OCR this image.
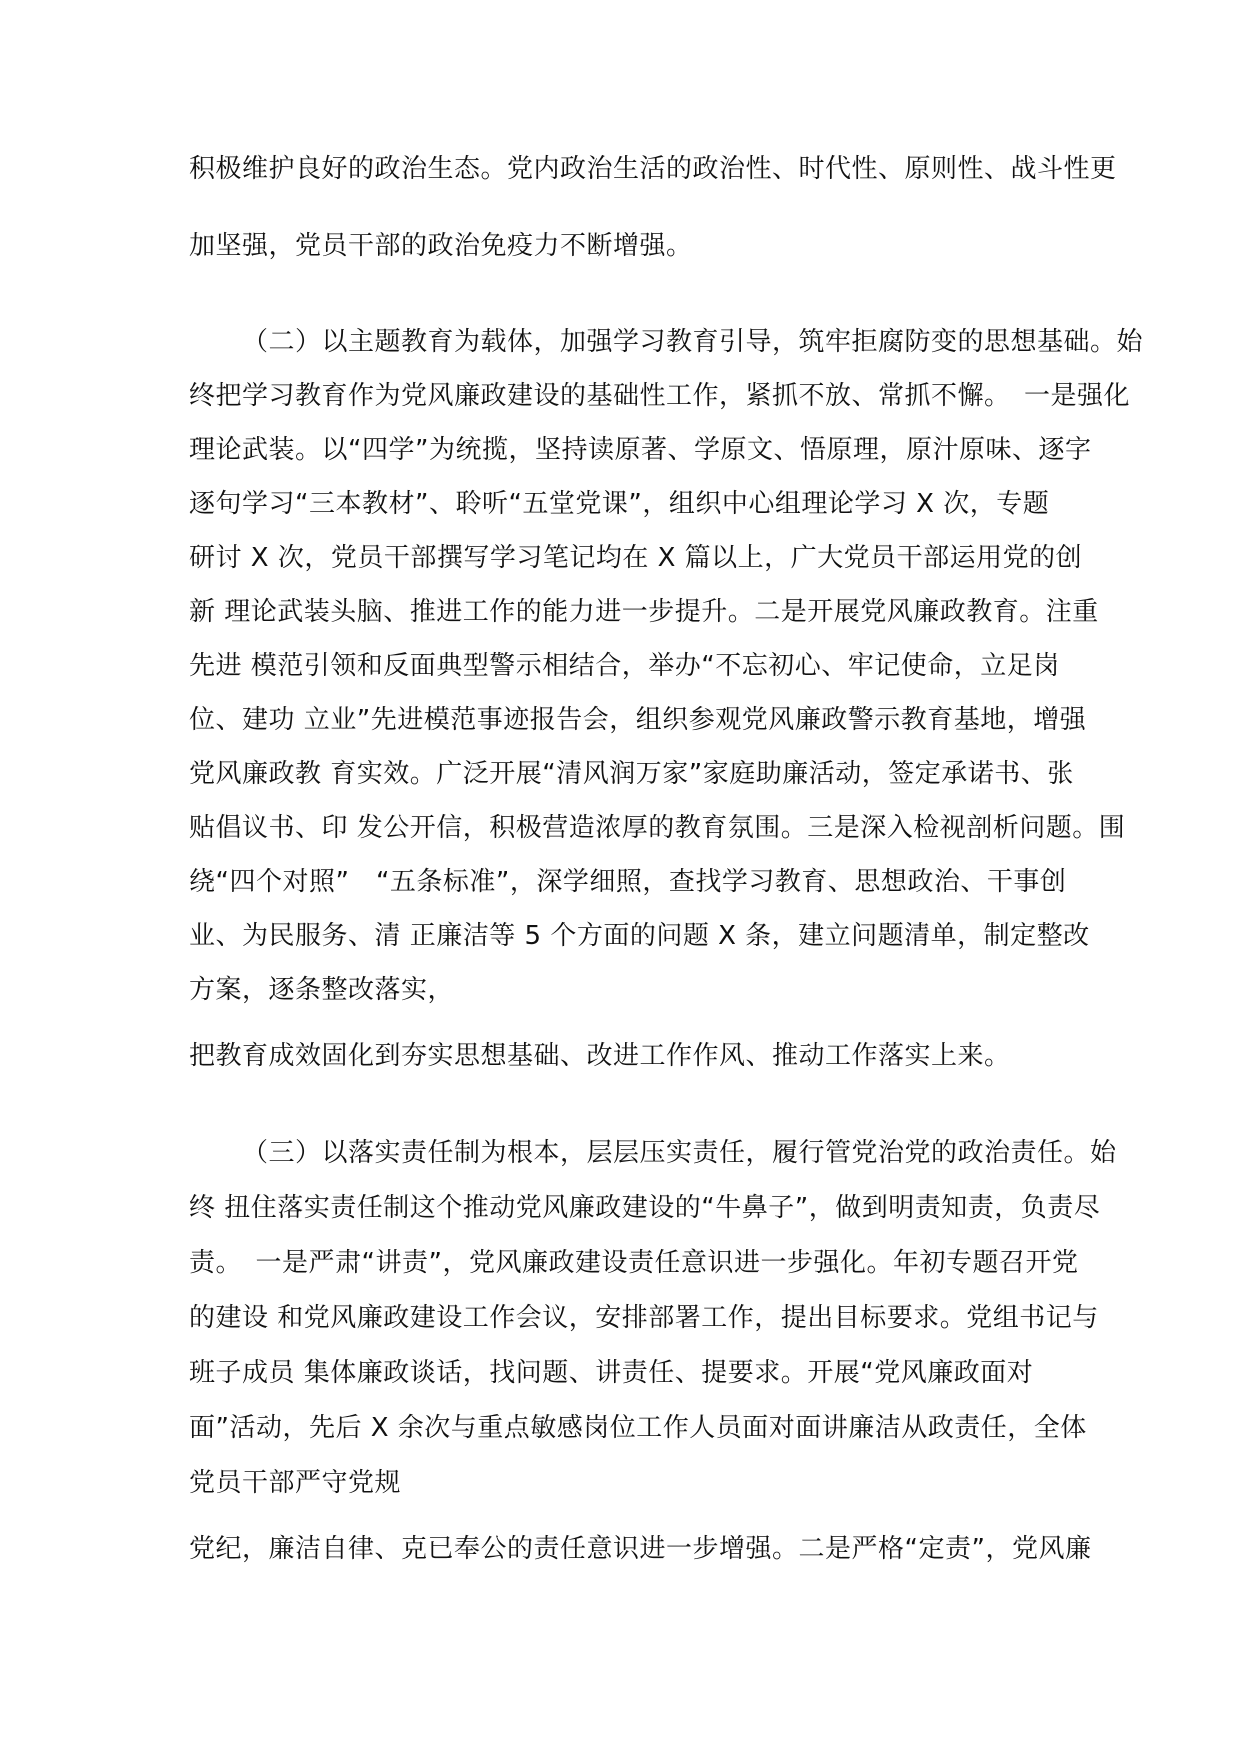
积极维护良好的政治生态。党内政治生活的政治性、时代性、原则性、战斗性更
加坚强，党员干部的政治免疫力不断增强。
（二）以主题教育为载体，加强学习教育引导，筑牢拒腐防变的思想基础。始
终把学习教育作为党风廉政建设的基础性工作，紧抓不放、常抓不懈。　一是强化
理论武装。以“四学”为统揽，坚持读原著、学原文、悟原理，原汁原味、逐字
逐句学习“三本教材”、聆听“五堂党课”，组织中心组理论学习 X 次，专题
研讨 X 次，党员干部撰写学习笔记均在 X 篇以上，广大党员干部运用党的创
新 理论武装头脑、推进工作的能力进一步提升。二是开展党风廉政教育。注重
先进 模范引领和反面典型警示相结合，举办“不忘初心、牢记使命，立足岗
位、建功 立业”先进模范事迹报告会，组织参观党风廉政警示教育基地，增强
党风廉政教 育实效。广泛开展“清风润万家”家庭助廉活动，签定承诺书、张
贴倡议书、印 发公开信，积极营造浓厚的教育氛围。三是深入检视剖析问题。围
绕“四个对照”　“五条标准”，深学细照，查找学习教育、思想政治、干事创
业、为民服务、清 正廉洁等 5 个方面的问题 X 条，建立问题清单，制定整改
方案，逐条整改落实，
把教育成效固化到夯实思想基础、改进工作作风、推动工作落实上来。
（三）以落实责任制为根本，层层压实责任，履行管党治党的政治责任。始
终 扭住落实责任制这个推动党风廉政建设的“牛鼻子”，做到明责知责，负责尽
责。　一是严肃“讲责”，党风廉政建设责任意识进一步强化。年初专题召开党
的建设 和党风廉政建设工作会议，安排部署工作，提出目标要求。党组书记与
班子成员 集体廉政谈话，找问题、讲责任、提要求。开展“党风廉政面对
面”活动，先后 X 余次与重点敏感岗位工作人员面对面讲廉洁从政责任，全体
党员干部严守党规
党纪，廉洁自律、克已奉公的责任意识进一步增强。二是严格“定责”，党风廉
